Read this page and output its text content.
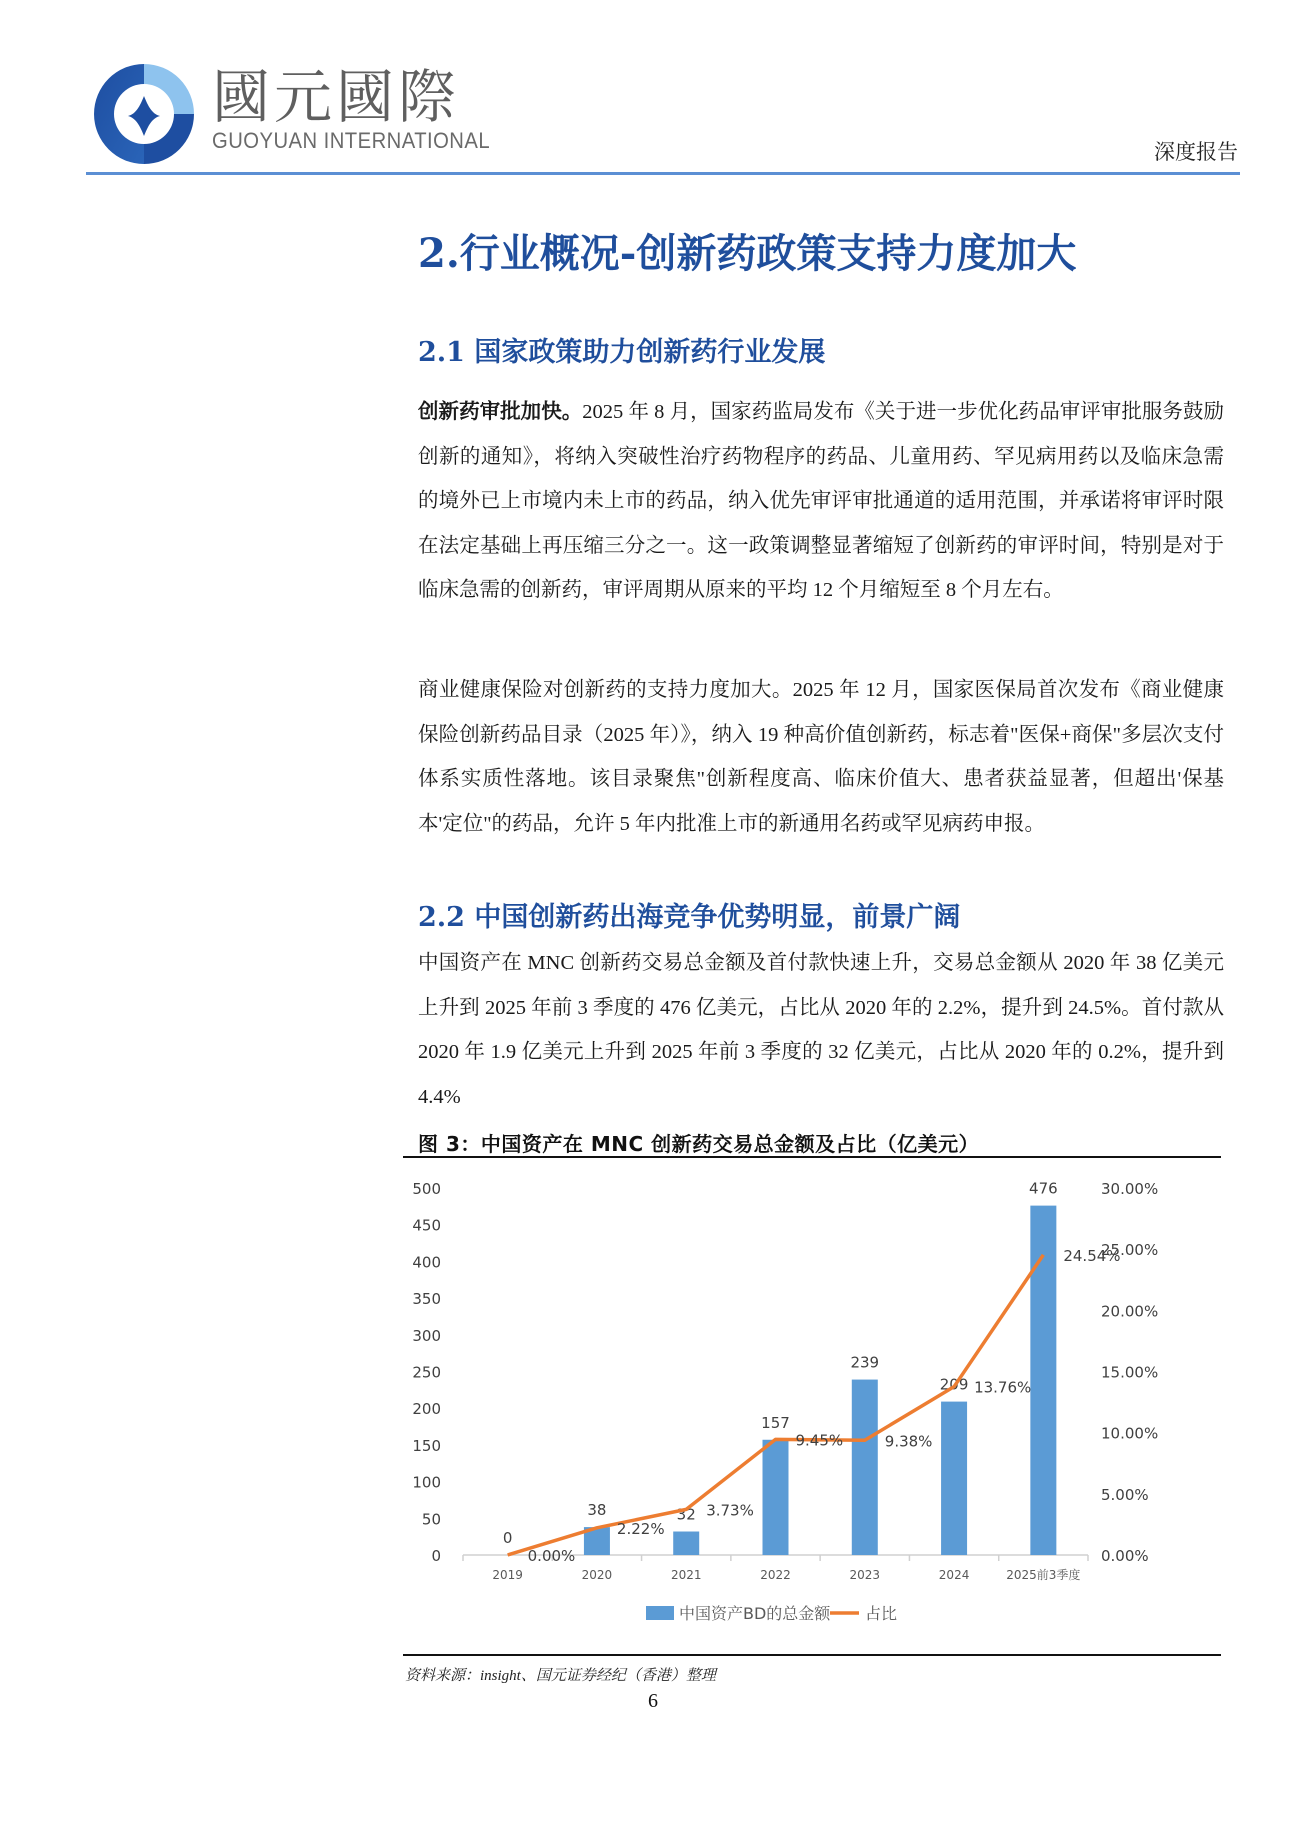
國元國際
GUOYUAN INTERNATIONAL	深度报告
2.行业概况-创新药政策支持力度加大
2.1 国家政策助力创新药行业发展
创新药审批加快。2025 年 8 月，国家药监局发布《关于进一步优化药品审评审批服务鼓励创新的通知》，将纳入突破性治疗药物程序的药品、儿童用药、罕见病用药以及临床急需的境外已上市境内未上市的药品，纳入优先审评审批通道的适用范围，并承诺将审评时限在法定基础上再压缩三分之一。这一政策调整显著缩短了创新药的审评时间，特别是对于临床急需的创新药，审评周期从原来的平均 12 个月缩短至 8 个月左右。
商业健康保险对创新药的支持力度加大。2025 年 12 月，国家医保局首次发布《商业健康保险创新药品目录（2025 年）》，纳入 19 种高价值创新药，标志着"医保+商保"多层次支付体系实质性落地。该目录聚焦"创新程度高、临床价值大、患者获益显著，但超出'保基本'定位"的药品，允许 5 年内批准上市的新通用名药或罕见病药申报。
2.2 中国创新药出海竞争优势明显，前景广阔
中国资产在 MNC 创新药交易总金额及首付款快速上升，交易总金额从 2020 年 38 亿美元上升到 2025 年前 3 季度的 476 亿美元，占比从 2020 年的 2.2%，提升到 24.5%。首付款从 2020 年 1.9 亿美元上升到 2025 年前 3 季度的 32 亿美元，占比从 2020 年的 0.2%，提升到 4.4%
图 3：中国资产在 MNC 创新药交易总金额及占比（亿美元）
0
50
100
150
200
250
300
350
400
450
500
0.00%
5.00%
10.00%
15.00%
20.00%
25.00%
30.00%
0
2019
38
2020
32
2021
157
2022
239
2023
209
2024
476
2025前3季度
0.00%
2.22%
3.73%
9.45%	9.38%
13.76%
24.54%
中国资产BD的总金额 占比
资料来源：insight、国元证券经纪（香港）整理
6
